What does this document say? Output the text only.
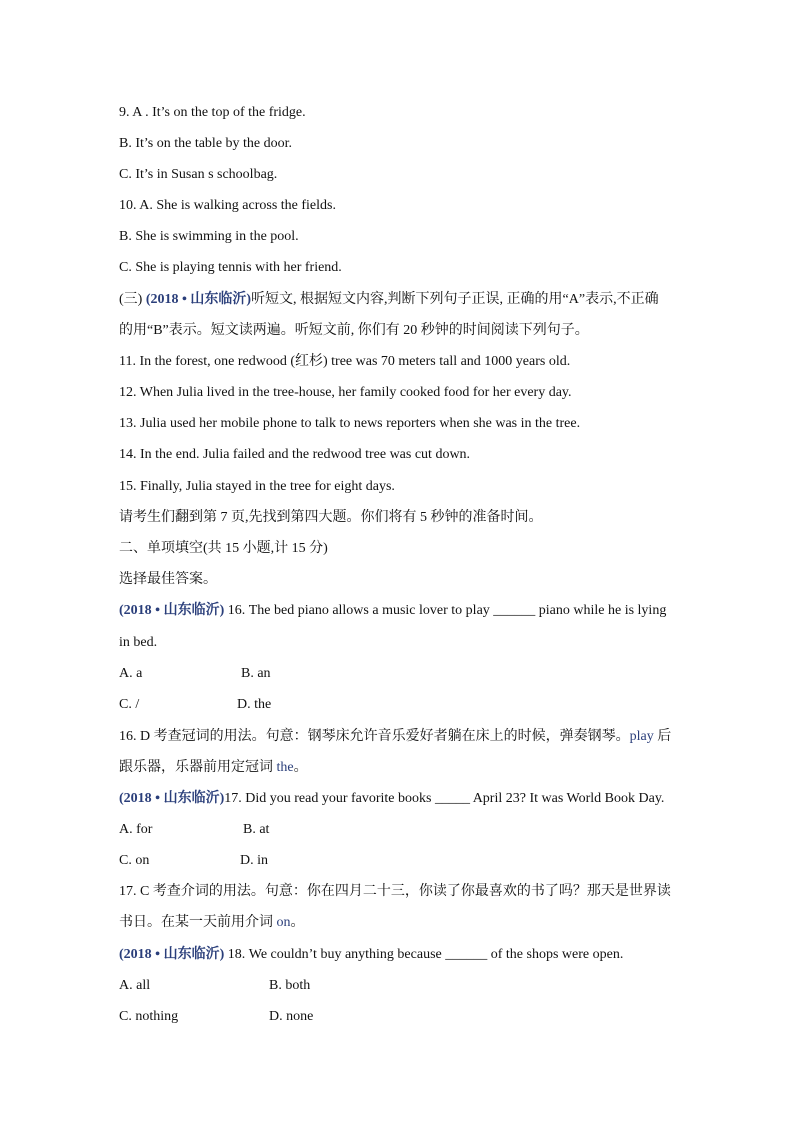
9. A . It’s on the top of the fridge.
B. It’s on the table by the door.
C. It’s in Susan s schoolbag.
10. A. She is walking across the fields.
B. She is swimming in the pool.
C. She is playing tennis with her friend.
(三) (2018 • 山东临沂)听短文, 根据短文内容,判断下列句子正误, 正确的用“A”表示,不正确
的用“B”表示。短文读两遍。听短文前, 你们有 20 秒钟的时间阅读下列句子。
11. In the forest, one redwood (红杉) tree was 70 meters tall and 1000 years old.
12. When Julia lived in the tree-house, her family cooked food for her every day.
13. Julia used her mobile phone to talk to news reporters when she was in the tree.
14. In the end. Julia failed and the redwood tree was cut down.
15. Finally, Julia stayed in the tree for eight days.
请考生们翻到第 7 页,先找到第四大题。你们将有 5 秒钟的准备时间。
二、单项填空(共 15 小题,计 15 分)
选择最佳答案。
(2018 • 山东临沂) 16. The bed piano allows a music lover to play ______ piano while he is lying
in bed.
A. a	B. an
C. /	D. the
16. D 考查冠词的用法。句意：钢琴床允许音乐爱好者躺在床上的时候，弹奏钢琴。play 后
跟乐器，乐器前用定冠词 the。
(2018 • 山东临沂)17. Did you read your favorite books _____ April 23? It was World Book Day.
A. for	B. at
C. on	D. in
17. C 考查介词的用法。句意：你在四月二十三，你读了你最喜欢的书了吗？那天是世界读
书日。在某一天前用介词 on。
(2018 • 山东临沂) 18. We couldn’t buy anything because ______ of the shops were open.
A. all	B. both
C. nothing	D. none
